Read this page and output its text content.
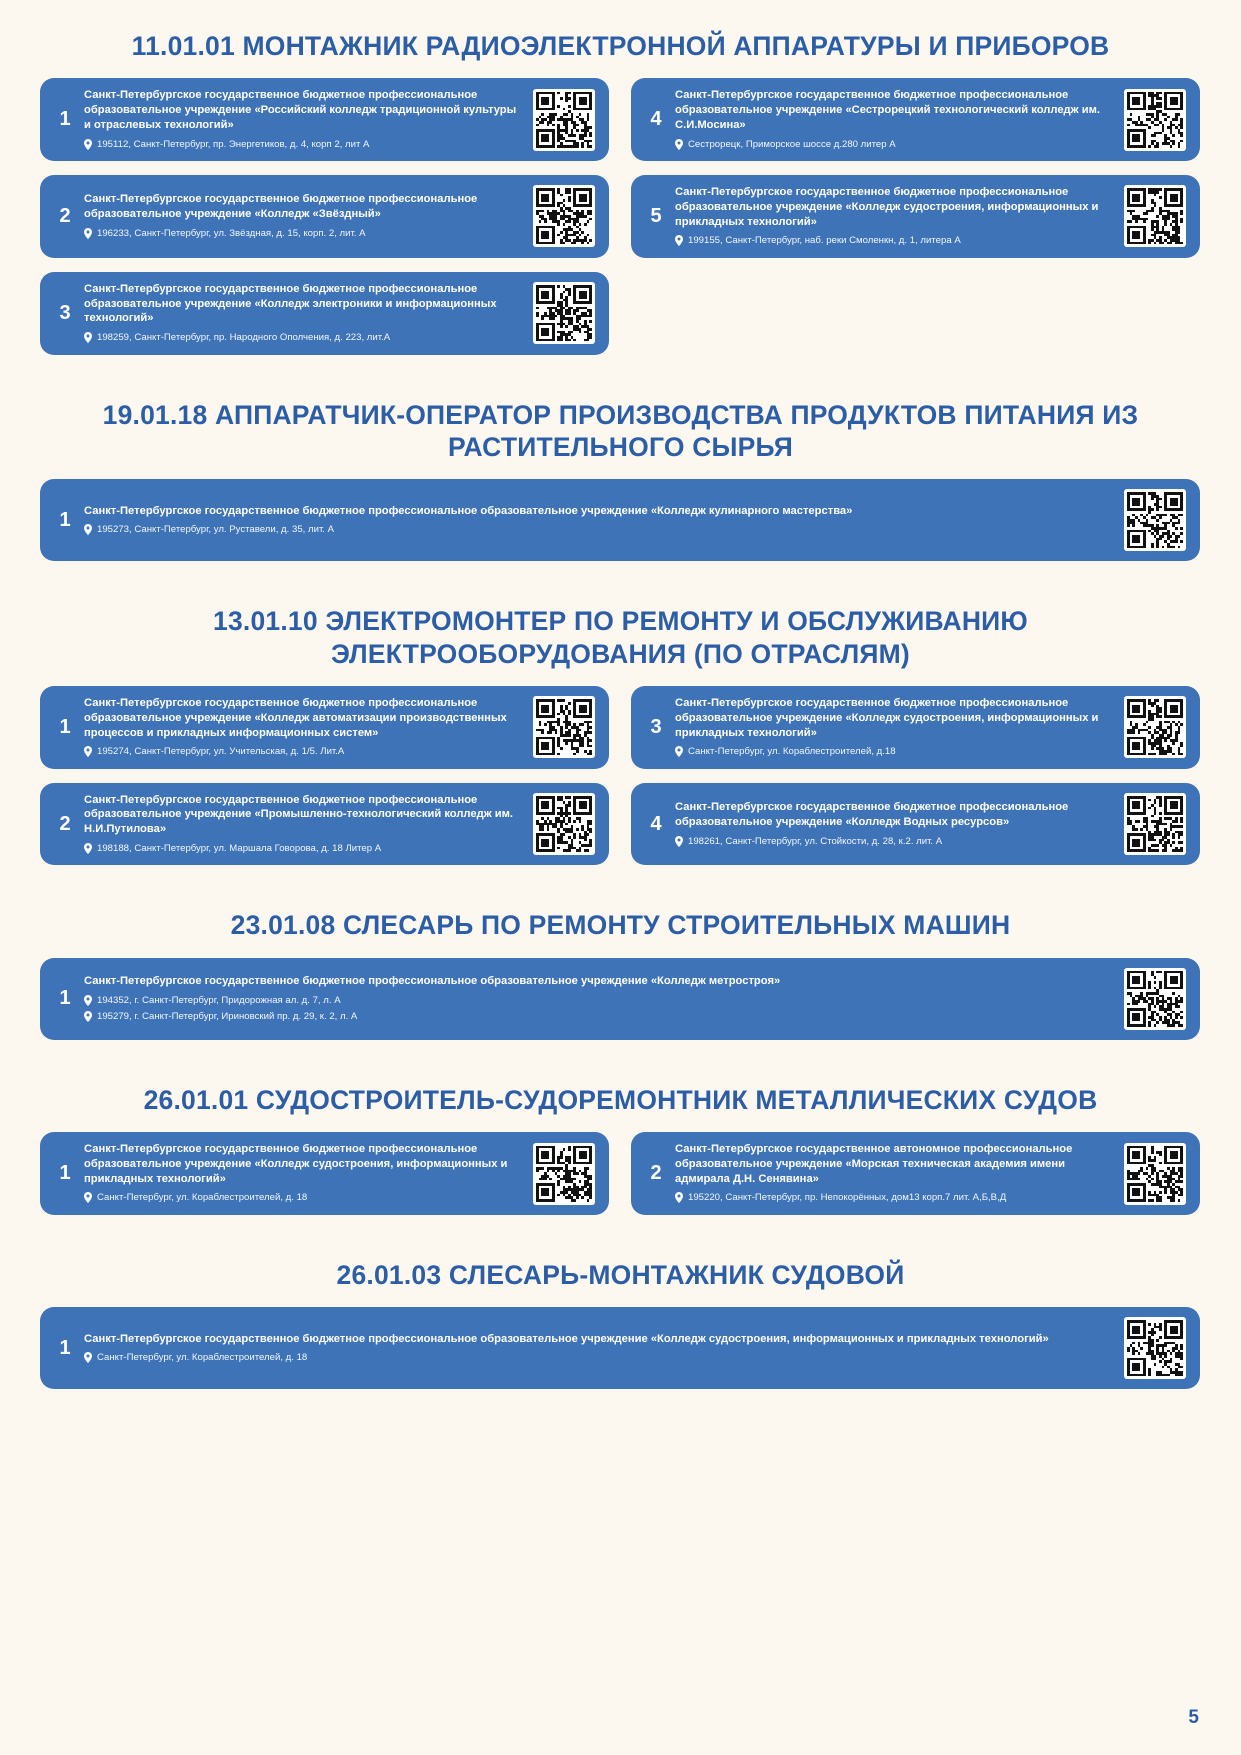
11.01.01 МОНТАЖНИК РАДИОЭЛЕКТРОННОЙ АППАРАТУРЫ И ПРИБОРОВ
1
Санкт-Петербургское государственное бюджетное профессиональное образовательное учреждение «Российский колледж традиционной культуры и отраслевых технологий»
195112, Санкт-Петербург, пр. Энергетиков, д. 4, корп 2, лит А
4
Санкт-Петербургское государственное бюджетное профессиональное образовательное учреждение «Сестрорецкий технологический колледж им. С.И.Мосина»
Сестрорецк, Приморское шоссе д.280 литер А
2
Санкт-Петербургское государственное бюджетное профессиональное образовательное учреждение «Колледж «Звёздный»
196233, Санкт-Петербург, ул. Звёздная, д. 15, корп. 2, лит. А
5
Санкт-Петербургское государственное бюджетное профессиональное образовательное учреждение «Колледж судостроения, информационных и прикладных технологий»
199155, Санкт-Петербург, наб. реки Смоленкн, д. 1, литера А
3
Санкт-Петербургское государственное бюджетное профессиональное образовательное учреждение «Колледж электроники и информационных технологий»
198259, Санкт-Петербург, пр. Народного Ополчения, д. 223, лит.А
19.01.18 АППАРАТЧИК-ОПЕРАТОР ПРОИЗВОДСТВА ПРОДУКТОВ ПИТАНИЯ ИЗ РАСТИТЕЛЬНОГО СЫРЬЯ
1	Санкт-Петербургское государственное бюджетное профессиональное образовательное учреждение «Колледж кулинарного мастерства»
195273, Санкт-Петербург, ул. Руставели, д. 35, лит. А
13.01.10 ЭЛЕКТРОМОНТЕР ПО РЕМОНТУ И ОБСЛУЖИВАНИЮ ЭЛЕКТРООБОРУДОВАНИЯ (ПО ОТРАСЛЯМ)
1
Санкт-Петербургское государственное бюджетное профессиональное образовательное учреждение «Колледж автоматизации производственных процессов и прикладных информационных систем»
195274, Санкт-Петербург, ул. Учительская, д. 1/5. Лит.А
3
Санкт-Петербургское государственное бюджетное профессиональное образовательное учреждение «Колледж судостроения, информационных и прикладных технологий»
Санкт-Петербург, ул. Кораблестроителей, д.18
2
Санкт-Петербургское государственное бюджетное профессиональное образовательное учреждение «Промышленно-технологический колледж им. Н.И.Путилова»
198188, Санкт-Петербург, ул. Маршала Говорова, д. 18 Литер А
4
Санкт-Петербургское государственное бюджетное профессиональное образовательное учреждение «Колледж Водных ресурсов»
198261, Санкт-Петербург, ул. Стойкости, д. 28, к.2. лит. А
23.01.08 СЛЕСАРЬ ПО РЕМОНТУ СТРОИТЕЛЬНЫХ МАШИН
1
Санкт-Петербургское государственное бюджетное профессиональное образовательное учреждение «Колледж метростроя»
194352, г. Санкт-Петербург, Придорожная ал. д. 7, л. А
195279, г. Санкт-Петербург, Ириновский пр. д. 29, к. 2, л. А
26.01.01 СУДОСТРОИТЕЛЬ-СУДОРЕМОНТНИК МЕТАЛЛИЧЕСКИХ СУДОВ
1
Санкт-Петербургское государственное бюджетное профессиональное образовательное учреждение «Колледж судостроения, информационных и прикладных технологий»
Санкт-Петербург, ул. Кораблестроителей, д. 18
2
Санкт-Петербургское государственное автономное профессиональное образовательное учреждение «Морская техническая академия имени адмирала Д.Н. Сенявина»
195220, Санкт-Петербург, пр. Непокорённых, дом13 корп.7 лит. А,Б,В,Д
26.01.03 СЛЕСАРЬ-МОНТАЖНИК СУДОВОЙ
1	Санкт-Петербургское государственное бюджетное профессиональное образовательное учреждение «Колледж судостроения, информационных и прикладных технологий»
Санкт-Петербург, ул. Кораблестроителей, д. 18
5
